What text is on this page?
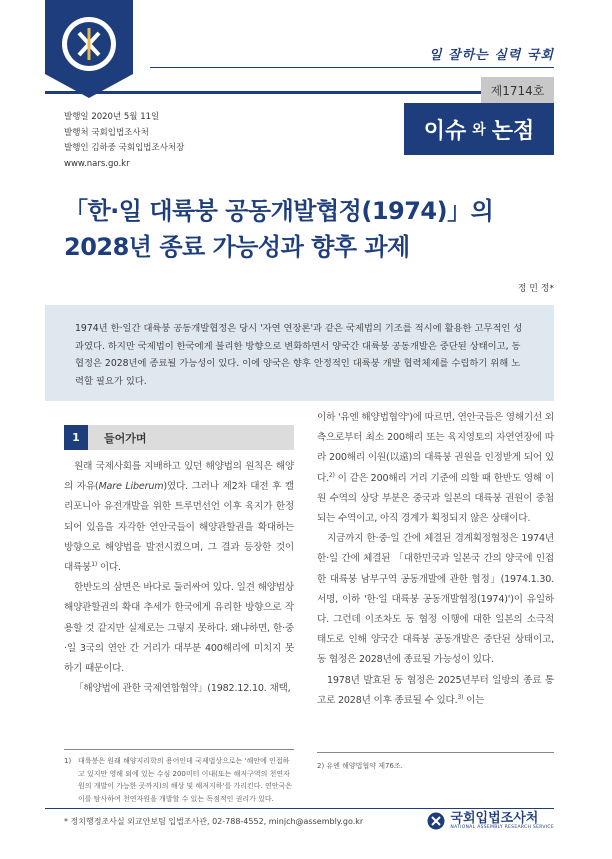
일 잘하는 실력 국회
제1714호
이슈 와 논점
발행일 2020년 5월 11일
발행처 국회입법조사처
발행인 김하중 국회입법조사처장
www.nars.go.kr
「한·일 대륙붕 공동개발협정(1974)」의
2028년 종료 가능성과 향후 과제
정 민 정*
1974년 한·일간 대륙붕 공동개발협정은 당시 '자연 연장론'과 같은 국제법의 기조를 적시에 활용한 고무적인 성과였다. 하지만 국제법이 한국에게 불리한 방향으로 변화하면서 양국간 대륙붕 공동개발은 중단된 상태이고, 동 협정은 2028년에 종료될 가능성이 있다. 이에 양국은 향후 안정적인 대륙붕 개발 협력체제를 수립하기 위해 노력할 필요가 있다.
1	들어가며

원래 국제사회를 지배하고 있던 해양법의 원칙은 해양의 자유(Mare Liberum)였다. 그러나 제2차 대전 후 캘리포니아 유전개발을 위한 트루먼선언 이후 육지가 한정되어 있음을 자각한 연안국들이 해양관할권을 확대하는 방향으로 해양법을 발전시켰으며, 그 결과 등장한 것이 대륙붕$^{1)}$ 이다.

한반도의 삼면은 바다로 둘러싸여 있다. 일견 해양법상 해양관할권의 확대 추세가 한국에게 유리한 방향으로 작용할 것 같지만 실제로는 그렇지 못하다. 왜냐하면, 한·중·일 3국의 연안 간 거리가 대부분 400해리에 미치지 못하기 때문이다.

「해양법에 관한 국제연합협약」(1982.12.10. 채택,

이하 '유엔 해양법협약')에 따르면, 연안국들은 영해기선 외측으로부터 최소 200해리 또는 육지영토의 자연연장에 따라 200해리 이원(以遠)의 대륙붕 권원을 인정받게 되어 있다.$^{2)}$ 이 같은 200해리 거리 기준에 의할 때 한반도 영해 이원 수역의 상당 부분은 중국과 일본의 대륙붕 권원이 중첩되는 수역이고, 아직 경계가 획정되지 않은 상태이다.

지금까지 한·중·일 간에 체결된 경계획정협정은 1974년 한·일 간에 체결된 「대한민국과 일본국 간의 양국에 인접한 대륙붕 남부구역 공동개발에 관한 협정」(1974.1.30. 서명, 이하 '한·일 대륙붕 공동개발협정(1974)')이 유일하다. 그런데 이조차도 동 협정 이행에 대한 일본의 소극적 태도로 인해 양국간 대륙붕 공동개발은 중단된 상태이고, 동 협정은 2028년에 종료될 가능성이 있다.

1978년 발효된 동 협정은 2025년부터 일방의 종료 통고로 2028년 이후 종료될 수 있다.$^{3)}$ 이는

1) 대륙붕은 원래 해양지리학의 용어인데 국제법상으로는 '해안에 인접하고 있지만 영해 외에 있는 수심 200미터 이내(또는 해저구역의 천연자원의 개발이 가능한 곳까지)의 해상 및 해저지하'를 가리킨다. 연안국은 이를 탐사하여 천연자원을 개발할 수 있는 독점적인 권리가 있다.
2) 유엔 해양법협약 제76조.
* 정치행정조사실 외교안보팀 입법조사관, 02-788-4552, minjch@assembly.go.kr	국회입법조사처
NATIONAL ASSEMBLY RESEARCH SERVICE
